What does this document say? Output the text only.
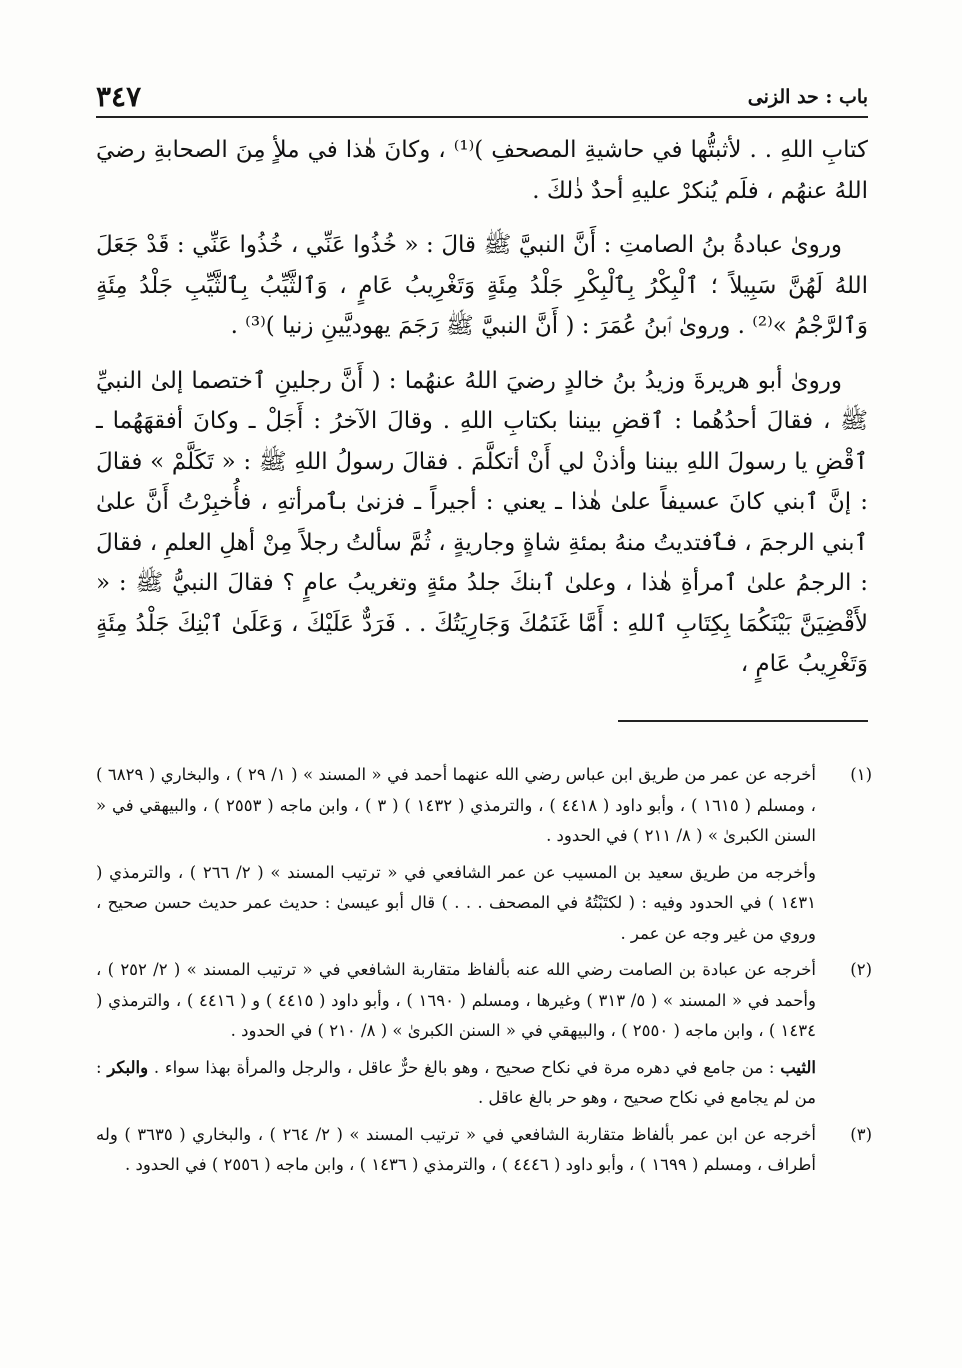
باب : حد الزنى
٣٤٧

كتابِ اللهِ . . لأثبتُّها في حاشيةِ المصحفِ )⁽¹⁾ ، وكانَ هٰذا في ملأٍ مِنَ الصحابةِ رضيَ اللهُ عنهُم ، فلَم يُنكرْ عليهِ أحدٌ ذٰلكَ .

وروىٰ عبادةُ بنُ الصامتِ : أَنَّ النبيَّ ﷺ قالَ : « خُذُوا عَنِّي ، خُذُوا عَنِّي : قَدْ جَعَلَ اللهُ لَهُنَّ سَبِيلاً ؛ ٱلْبِكْرُ بِٱلْبِكْرِ جَلْدُ مِئَةٍ وَتَغْرِيبُ عَامٍ ، وَٱلثَّيِّبُ بِٱلثَّيِّبِ جَلْدُ مِئَةٍ وَٱلرَّجْمُ »⁽²⁾ . وروىٰ ٱبنُ عُمَرَ : ( أَنَّ النبيَّ ﷺ رَجَمَ يهوديَّينِ زنيا )⁽³⁾ .

وروىٰ أبو هريرةَ وزيدُ بنُ خالدٍ رضيَ اللهُ عنهُما : ( أَنَّ رجلينِ ٱختصما إلىٰ النبيِّ ﷺ ، فقالَ أحدُهُما : ٱقضِ بيننا بكتابِ اللهِ . وقالَ الآخرُ : أَجَلْ ـ وكانَ أفقهَهُما ـ ٱقْضِ يا رسولَ اللهِ بيننا وأذنْ لي أَنْ أتكلَّمَ . فقالَ رسولُ اللهِ ﷺ : « تَكَلَّمْ » فقالَ : إنَّ ٱبني كانَ عسيفاً علىٰ هٰذا ـ يعني : أجيراً ـ فزنىٰ بٱمرأتهِ ، فأُخبِرْتُ أَنَّ علىٰ ٱبني الرجمَ ، فٱفتديتُ منهُ بمئةِ شاةٍ وجاريةٍ ، ثُمَّ سألتُ رجلاً مِنْ أهلِ العلمِ ، فقالَ : الرجمُ علىٰ ٱمرأةِ هٰذا ، وعلىٰ ٱبنكَ جلدُ مئةٍ وتغريبُ عامٍ ؟ فقالَ النبيُّ ﷺ : « لأَقْضِيَنَّ بَيْنَكُمَا بِكِتَابِ ٱللهِ : أَمَّا غَنَمُكَ وَجَارِيَتُكَ . . فَرَدٌّ عَلَيْكَ ، وَعَلَىٰ ٱبْنِكَ جَلْدُ مِئَةٍ وَتَغْرِيبُ عَامٍ ،

(١)

أخرجه عن عمر من طريق ابن عباس رضي الله عنهما أحمد في « المسند » ( ١/ ٢٩ ) ، والبخاري ( ٦٨٢٩ ) ، ومسلم ( ١٦١٥ ) ، وأبو داود ( ٤٤١٨ ) ، والترمذي ( ١٤٣٢ ) ( ٣ ) ، وابن ماجه ( ٢٥٥٣ ) ، والبيهقي في « السنن الكبرىٰ » ( ٨/ ٢١١ ) في الحدود .

وأخرجه من طريق سعيد بن المسيب عن عمر الشافعي في « ترتيب المسند » ( ٢/ ٢٦٦ ) ، والترمذي ( ١٤٣١ ) في الحدود وفيه : ( لكتَبْتُهُ في المصحف . . . ) قال أبو عيسىٰ : حديث عمر حديث حسن صحيح ، وروي من غير وجه عن عمر .

(٢)

أخرجه عن عبادة بن الصامت رضي الله عنه بألفاظ متقاربة الشافعي في « ترتيب المسند » ( ٢/ ٢٥٢ ) ، وأحمد في « المسند » ( ٥/ ٣١٣ ) وغيرها ، ومسلم ( ١٦٩٠ ) ، وأبو داود ( ٤٤١٥ ) و ( ٤٤١٦ ) ، والترمذي ( ١٤٣٤ ) ، وابن ماجه ( ٢٥٥٠ ) ، والبيهقي في « السنن الكبرىٰ » ( ٨/ ٢١٠ ) في الحدود .

الثيب : من جامع في دهره مرة في نكاح صحيح ، وهو بالغ حرٌّ عاقل ، والرجل والمرأة بهذا سواء . والبكر : من لم يجامع في نكاح صحيح ، وهو حر بالغ عاقل .

(٣)

أخرجه عن ابن عمر بألفاظ متقاربة الشافعي في « ترتيب المسند » ( ٢/ ٢٦٤ ) ، والبخاري ( ٣٦٣٥ ) وله أطراف ، ومسلم ( ١٦٩٩ ) ، وأبو داود ( ٤٤٤٦ ) ، والترمذي ( ١٤٣٦ ) ، وابن ماجه ( ٢٥٥٦ ) في الحدود .
